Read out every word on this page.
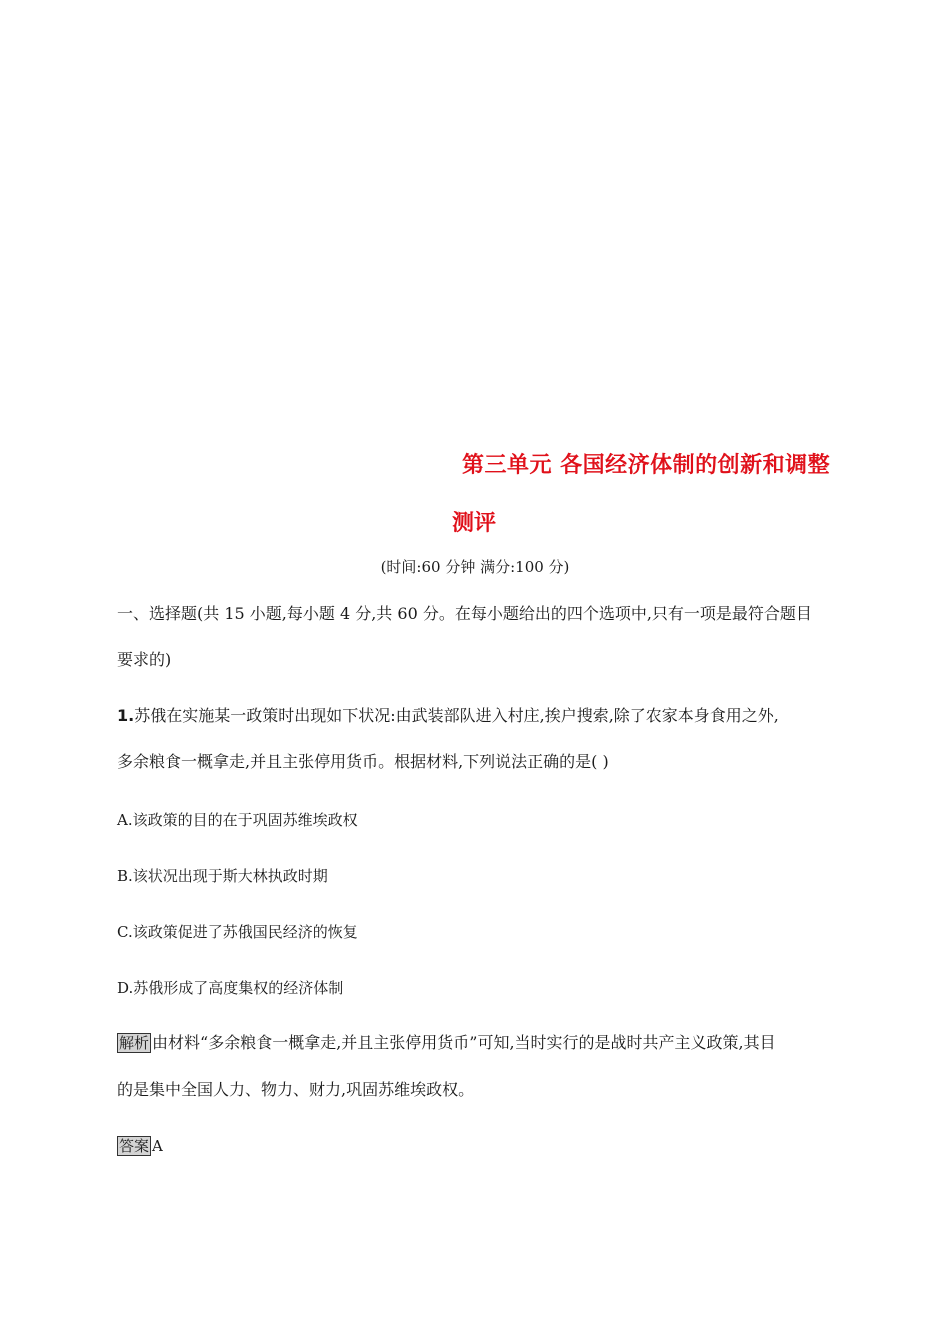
第三单元 各国经济体制的创新和调整
测评
(时间:60 分钟 满分:100 分)
一、选择题(共 15 小题,每小题 4 分,共 60 分。在每小题给出的四个选项中,只有一项是最符合题目
要求的)
1.苏俄在实施某一政策时出现如下状况:由武装部队进入村庄,挨户搜索,除了农家本身食用之外,
多余粮食一概拿走,并且主张停用货币。根据材料,下列说法正确的是( )
A.该政策的目的在于巩固苏维埃政权
B.该状况出现于斯大林执政时期
C.该政策促进了苏俄国民经济的恢复
D.苏俄形成了高度集权的经济体制
解析 由材料“多余粮食一概拿走,并且主张停用货币”可知,当时实行的是战时共产主义政策,其目
的是集中全国人力、物力、财力,巩固苏维埃政权。
答案 A
